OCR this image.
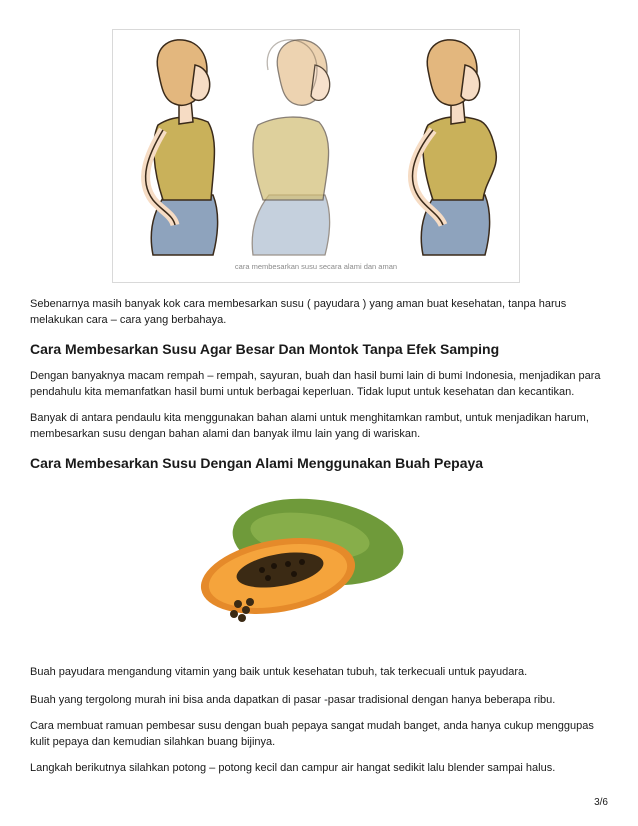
cara membesarkan susu secara alami dan aman

Sebenarnya masih banyak kok cara membesarkan susu ( payudara ) yang aman buat kesehatan, tanpa harus melakukan cara – cara yang berbahaya.

Cara Membesarkan Susu Agar Besar Dan Montok Tanpa Efek Samping

Dengan banyaknya macam rempah – rempah, sayuran, buah dan hasil bumi lain di bumi Indonesia, menjadikan para pendahulu kita memanfatkan hasil bumi untuk berbagai keperluan. Tidak luput untuk kesehatan dan kecantikan.

Banyak di antara pendaulu kita menggunakan bahan alami untuk menghitamkan rambut, untuk menjadikan harum, membesarkan susu dengan bahan alami dan banyak ilmu lain yang di wariskan.

Cara Membesarkan Susu Dengan Alami Menggunakan Buah Pepaya

Buah payudara mengandung vitamin yang baik untuk kesehatan tubuh, tak terkecuali untuk payudara.

Buah yang tergolong murah ini bisa anda dapatkan di pasar -pasar tradisional dengan hanya beberapa ribu.

Cara membuat ramuan pembesar susu dengan buah pepaya sangat mudah banget, anda hanya cukup menggupas kulit pepaya dan kemudian silahkan buang bijinya.

Langkah berikutnya silahkan potong – potong kecil dan campur air hangat sedikit lalu blender sampai halus.

3/6
